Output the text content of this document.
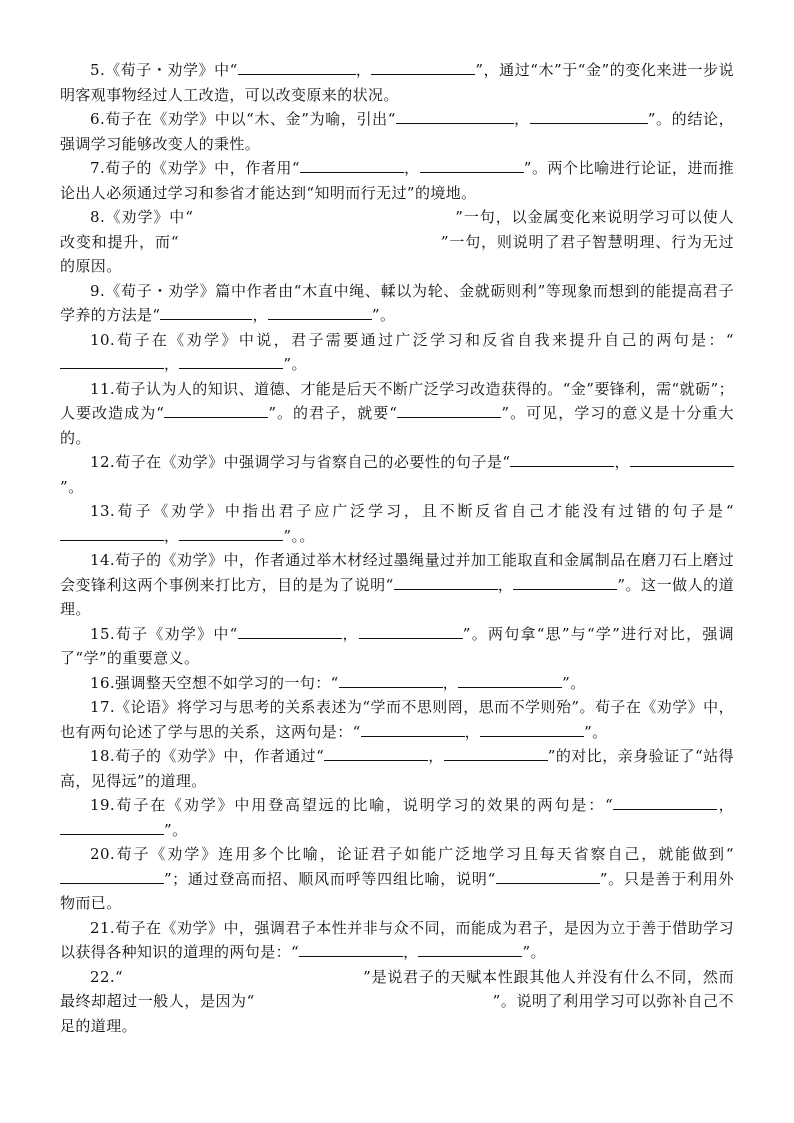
5.《荀子・劝学》中“	，	”，通过“木”于“金”的变化来进一步说明客观事物经过人工改造，可以改变原来的状况。

6.荀子在《劝学》中以“木、金”为喻，引出“	，	”。的结论，强调学习能够改变人的秉性。

7.荀子的《劝学》中，作者用“	，	”。两个比喻进行论证，进而推论出人必须通过学习和参省才能达到“知明而行无过”的境地。

8.《劝学》中“	”一句，以金属变化来说明学习可以使人改变和提升，而“	”一句，则说明了君子智慧明理、行为无过的原因。

9.《荀子・劝学》篇中作者由“木直中绳、輮以为轮、金就砺则利”等现象而想到的能提高君子学养的方法是“	，	”。

10.荀子在《劝学》中说，君子需要通过广泛学习和反省自我来提升自己的两句是：“，	”。

11.荀子认为人的知识、道德、才能是后天不断广泛学习改造获得的。“金”要锋利，需“就砺”；人要改造成为“	”。的君子，就要“	”。可见，学习的意义是十分重大的。

12.荀子在《劝学》中强调学习与省察自己的必要性的句子是“	，”。

13.荀子《劝学》中指出君子应广泛学习，且不断反省自己才能没有过错的句子是“，	”。。

14.荀子的《劝学》中，作者通过举木材经过墨绳量过并加工能取直和金属制品在磨刀石上磨过会变锋利这两个事例来打比方，目的是为了说明“	，	”。这一做人的道理。

15.荀子《劝学》中“	，	”。两句拿“思”与“学”进行对比，强调了“学”的重要意义。

16.强调整天空想不如学习的一句：“	，	”。

17.《论语》将学习与思考的关系表述为“学而不思则罔，思而不学则殆”。荀子在《劝学》中，也有两句论述了学与思的关系，这两句是：“	，	”。

18.荀子的《劝学》中，作者通过“	，	”的对比，亲身验证了“站得高，见得远”的道理。

19.荀子在《劝学》中用登高望远的比喻，说明学习的效果的两句是：“	，”。

20.荀子《劝学》连用多个比喻，论证君子如能广泛地学习且每天省察自己，就能做到“”；通过登高而招、顺风而呼等四组比喻，说明“	”。只是善于利用外物而已。

21.荀子在《劝学》中，强调君子本性并非与众不同，而能成为君子，是因为立于善于借助学习以获得各种知识的道理的两句是：“	，	”。

22.“	”是说君子的天赋本性跟其他人并没有什么不同，然而最终却超过一般人，是因为“	”。说明了利用学习可以弥补自己不足的道理。
